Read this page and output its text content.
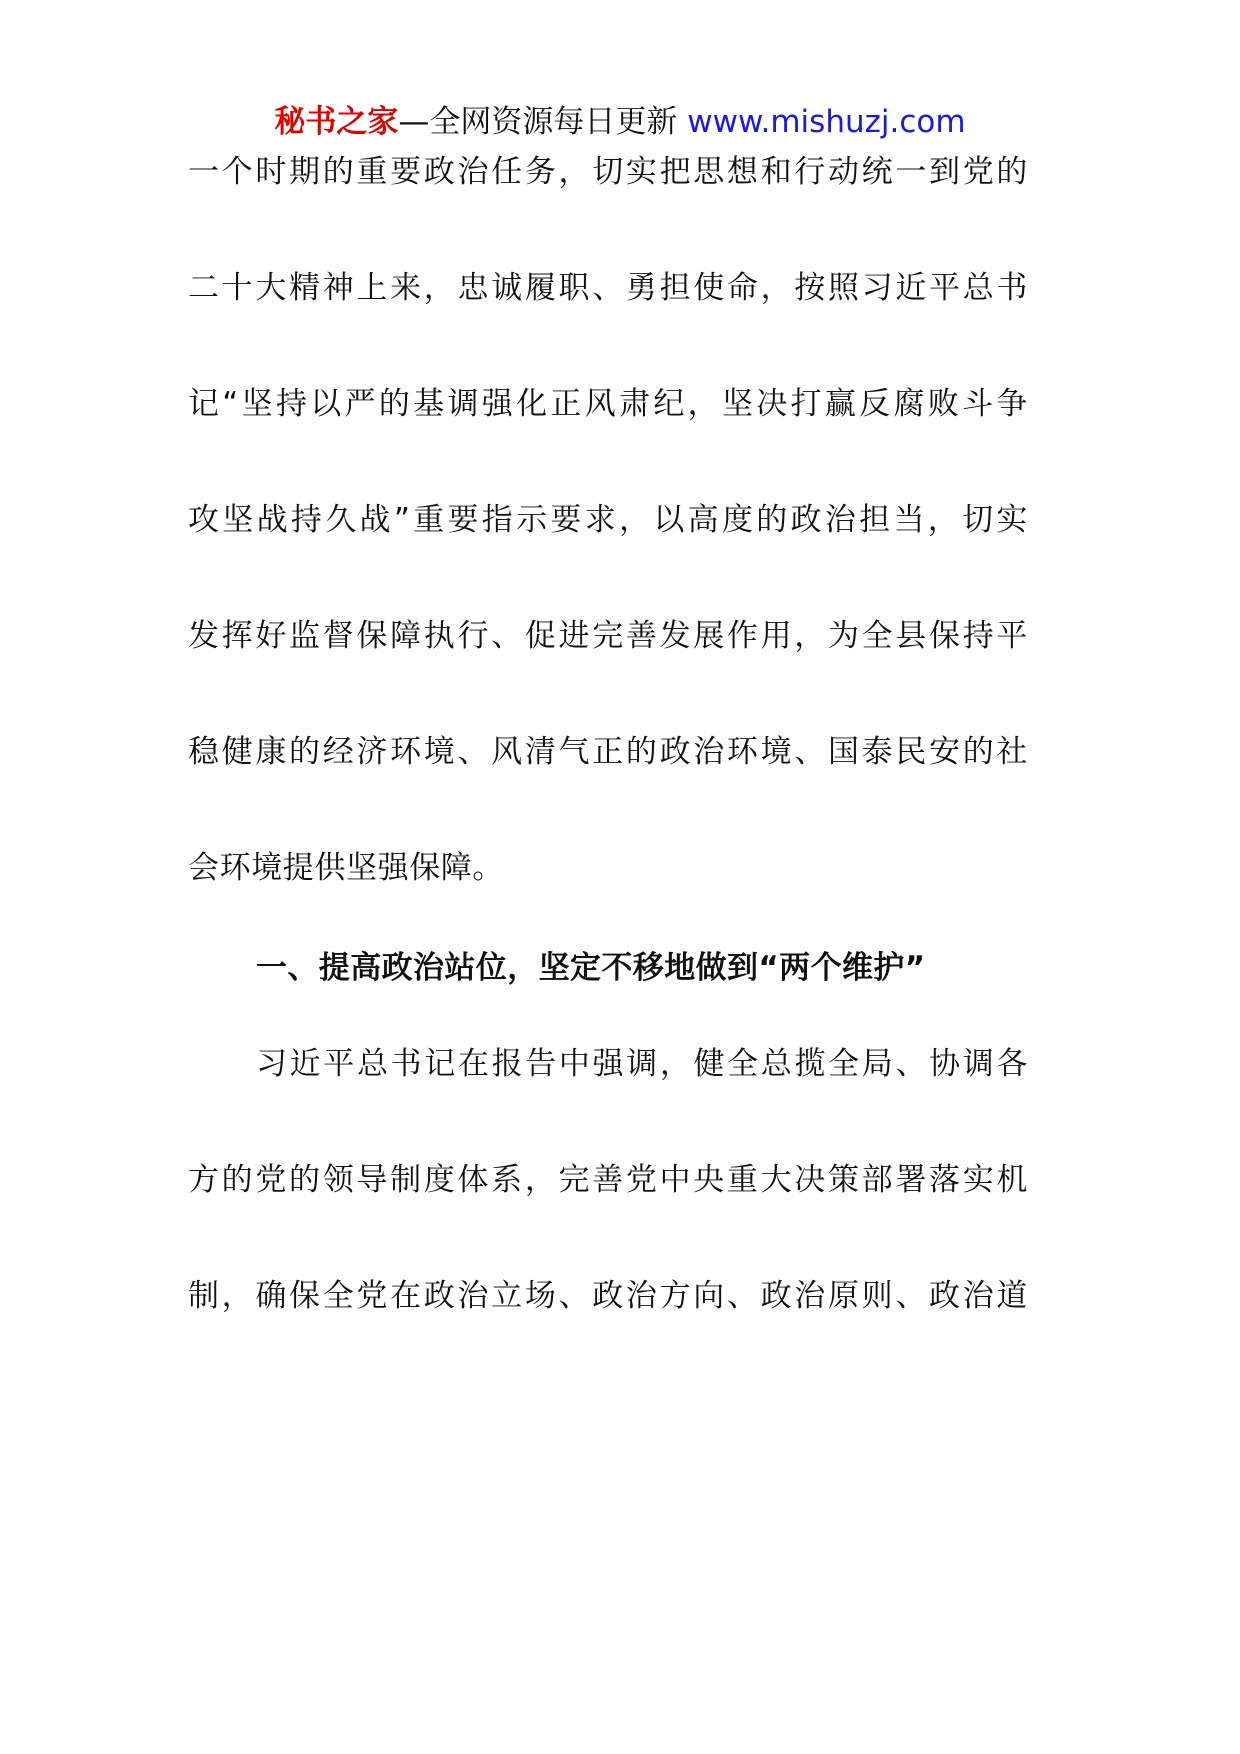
秘书之家—全网资源每日更新 www.mishuzj.com
一个时期的重要政治任务，切实把思想和行动统一到党的
二十大精神上来，忠诚履职、勇担使命，按照习近平总书
记“坚持以严的基调强化正风肃纪，坚决打赢反腐败斗争
攻坚战持久战”重要指示要求，以高度的政治担当，切实
发挥好监督保障执行、促进完善发展作用，为全县保持平
稳健康的经济环境、风清气正的政治环境、国泰民安的社
会环境提供坚强保障。
一、提高政治站位，坚定不移地做到“两个维护”
习近平总书记在报告中强调，健全总揽全局、协调各
方的党的领导制度体系，完善党中央重大决策部署落实机
制，确保全党在政治立场、政治方向、政治原则、政治道
